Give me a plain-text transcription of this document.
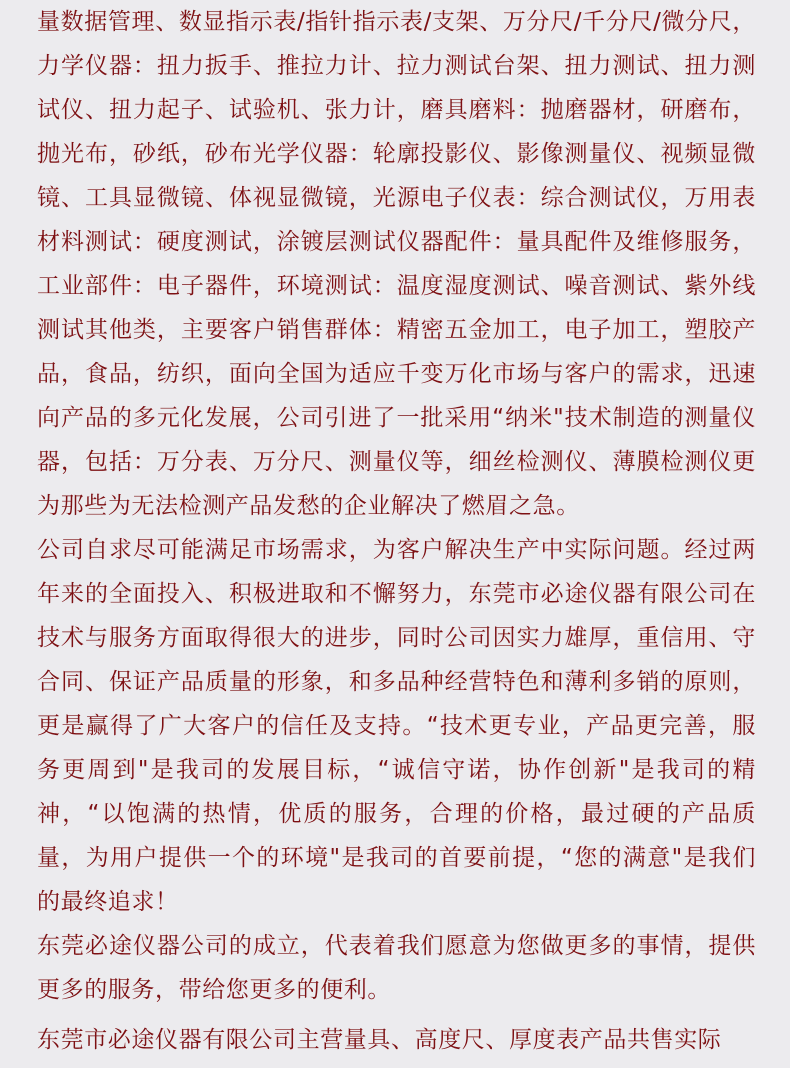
量数据管理、数显指示表/指针指示表/支架、万分尺/千分尺/微分尺，力学仪器：扭力扳手、推拉力计、拉力测试台架、扭力测试、扭力测试仪、扭力起子、试验机、张力计，磨具磨料：抛磨器材，研磨布，抛光布，砂纸，砂布光学仪器：轮廓投影仪、影像测量仪、视频显微镜、工具显微镜、体视显微镜，光源电子仪表：综合测试仪，万用表材料测试：硬度测试，涂镀层测试仪器配件：量具配件及维修服务，工业部件：电子器件，环境测试：温度湿度测试、噪音测试、紫外线测试其他类，主要客户销售群体：精密五金加工，电子加工，塑胶产品，食品，纺织，面向全国为适应千变万化市场与客户的需求，迅速向产品的多元化发展，公司引进了一批采用“纳米"技术制造的测量仪器，包括：万分表、万分尺、测量仪等，细丝检测仪、薄膜检测仪更为那些为无法检测产品发愁的企业解决了燃眉之急。

公司自求尽可能满足市场需求，为客户解决生产中实际问题。经过两年来的全面投入、积极进取和不懈努力，东莞市必途仪器有限公司在技术与服务方面取得很大的进步，同时公司因实力雄厚，重信用、守合同、保证产品质量的形象，和多品种经营特色和薄利多销的原则，更是赢得了广大客户的信任及支持。“技术更专业，产品更完善，服务更周到"是我司的发展目标，“诚信守诺，协作创新"是我司的精神，“以饱满的热情，优质的服务，合理的价格，最过硬的产品质量，为用户提供一个的环境"是我司的首要前提，“您的满意"是我们的最终追求！

东莞必途仪器公司的成立，代表着我们愿意为您做更多的事情，提供更多的服务，带给您更多的便利。

东莞市必途仪器有限公司主营量具、高度尺、厚度表产品共售实际
